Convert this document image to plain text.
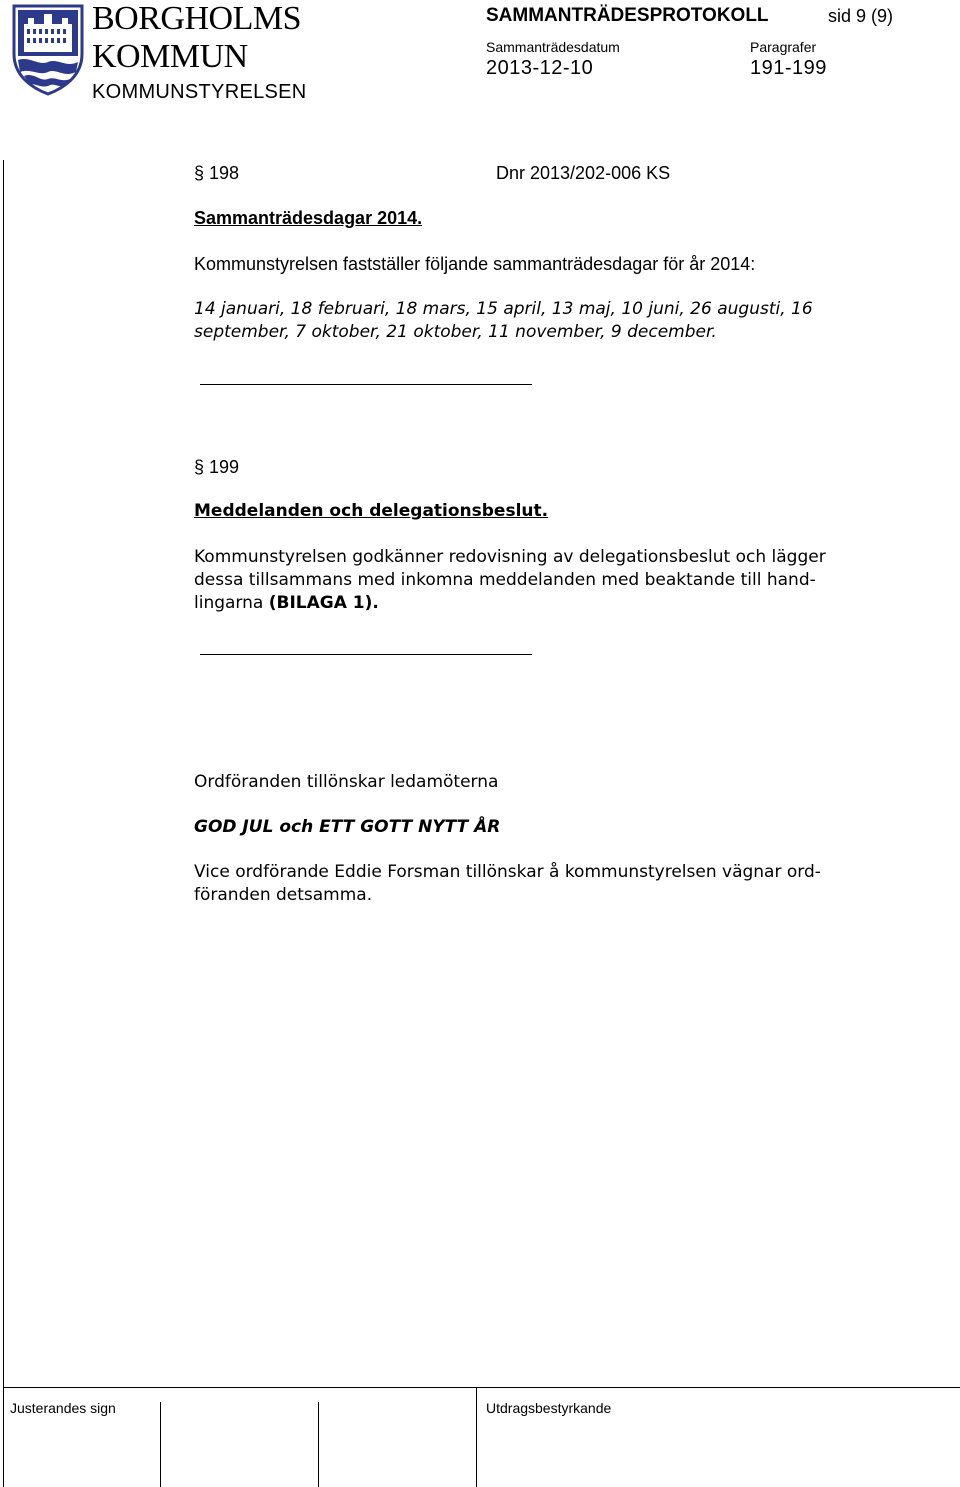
BORGHOLMS
KOMMUN
KOMMUNSTYRELSEN
SAMMANTRÄDESPROTOKOLL	sid 9 (9)
Sammanträdesdatum	Paragrafer
2013-12-10	191-199
§ 198	Dnr 2013/202-006 KS
Sammanträdesdagar 2014.
Kommunstyrelsen fastställer följande sammanträdesdagar för år 2014:
14 januari, 18 februari, 18 mars, 15 april, 13 maj, 10 juni, 26 augusti, 16
september, 7 oktober, 21 oktober, 11 november, 9 december.
§ 199
Meddelanden och delegationsbeslut.
Kommunstyrelsen godkänner redovisning av delegationsbeslut och lägger
dessa tillsammans med inkomna meddelanden med beaktande till hand-
lingarna (BILAGA 1).
Ordföranden tillönskar ledamöterna
GOD JUL och ETT GOTT NYTT ÅR
Vice ordförande Eddie Forsman tillönskar å kommunstyrelsen vägnar ord-
föranden detsamma.
Justerandes sign	Utdragsbestyrkande
